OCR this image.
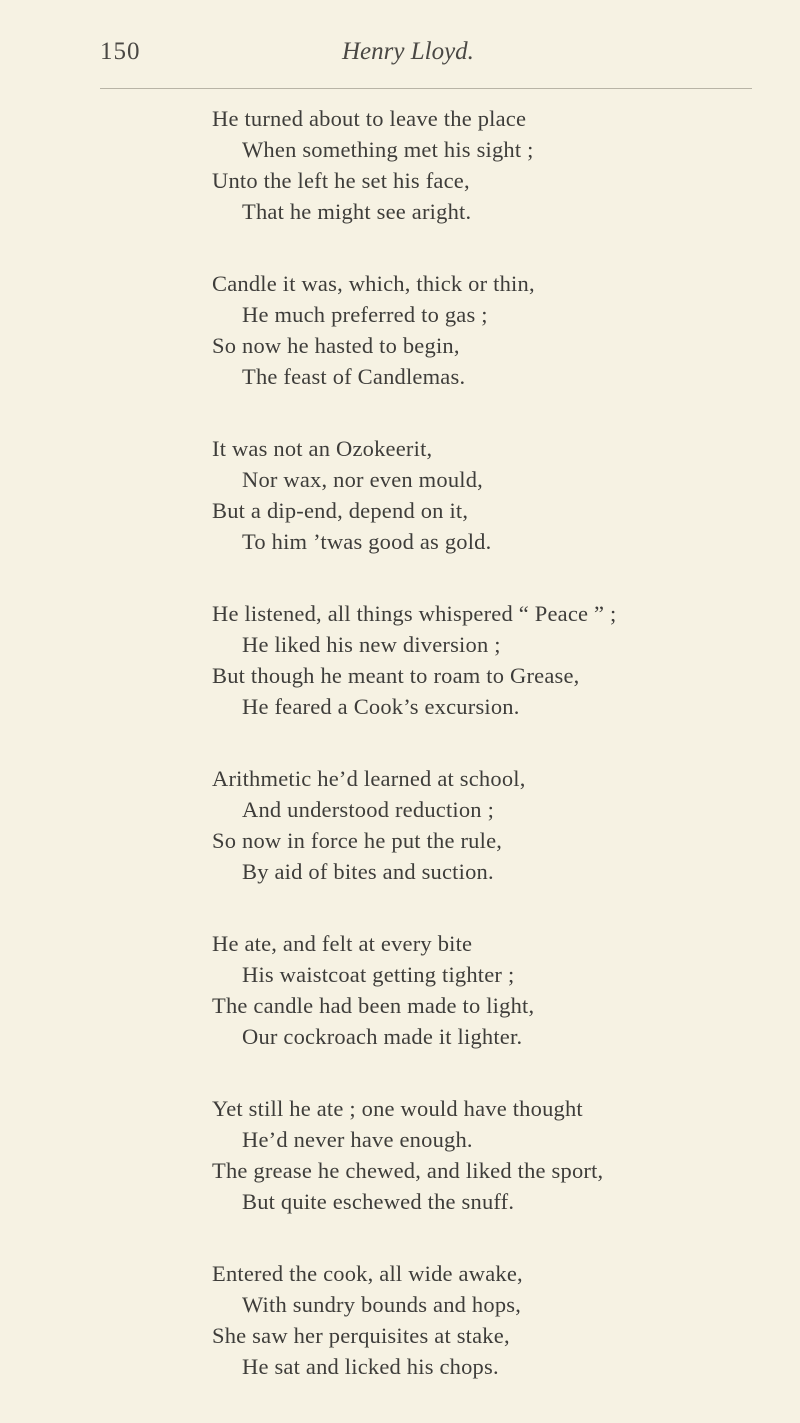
150	Henry Lloyd.
He turned about to leave the place
When something met his sight ;
Unto the left he set his face,
That he might see aright.
Candle it was, which, thick or thin,
He much preferred to gas ;
So now he hasted to begin,
The feast of Candlemas.
It was not an Ozokeerit,
Nor wax, nor even mould,
But a dip-end, depend on it,
To him ’twas good as gold.
He listened, all things whispered “ Peace ” ;
He liked his new diversion ;
But though he meant to roam to Grease,
He feared a Cook’s excursion.
Arithmetic he’d learned at school,
And understood reduction ;
So now in force he put the rule,
By aid of bites and suction.
He ate, and felt at every bite
His waistcoat getting tighter ;
The candle had been made to light,
Our cockroach made it lighter.
Yet still he ate ; one would have thought
He’d never have enough.
The grease he chewed, and liked the sport,
But quite eschewed the snuff.
Entered the cook, all wide awake,
With sundry bounds and hops,
She saw her perquisites at stake,
He sat and licked his chops.
